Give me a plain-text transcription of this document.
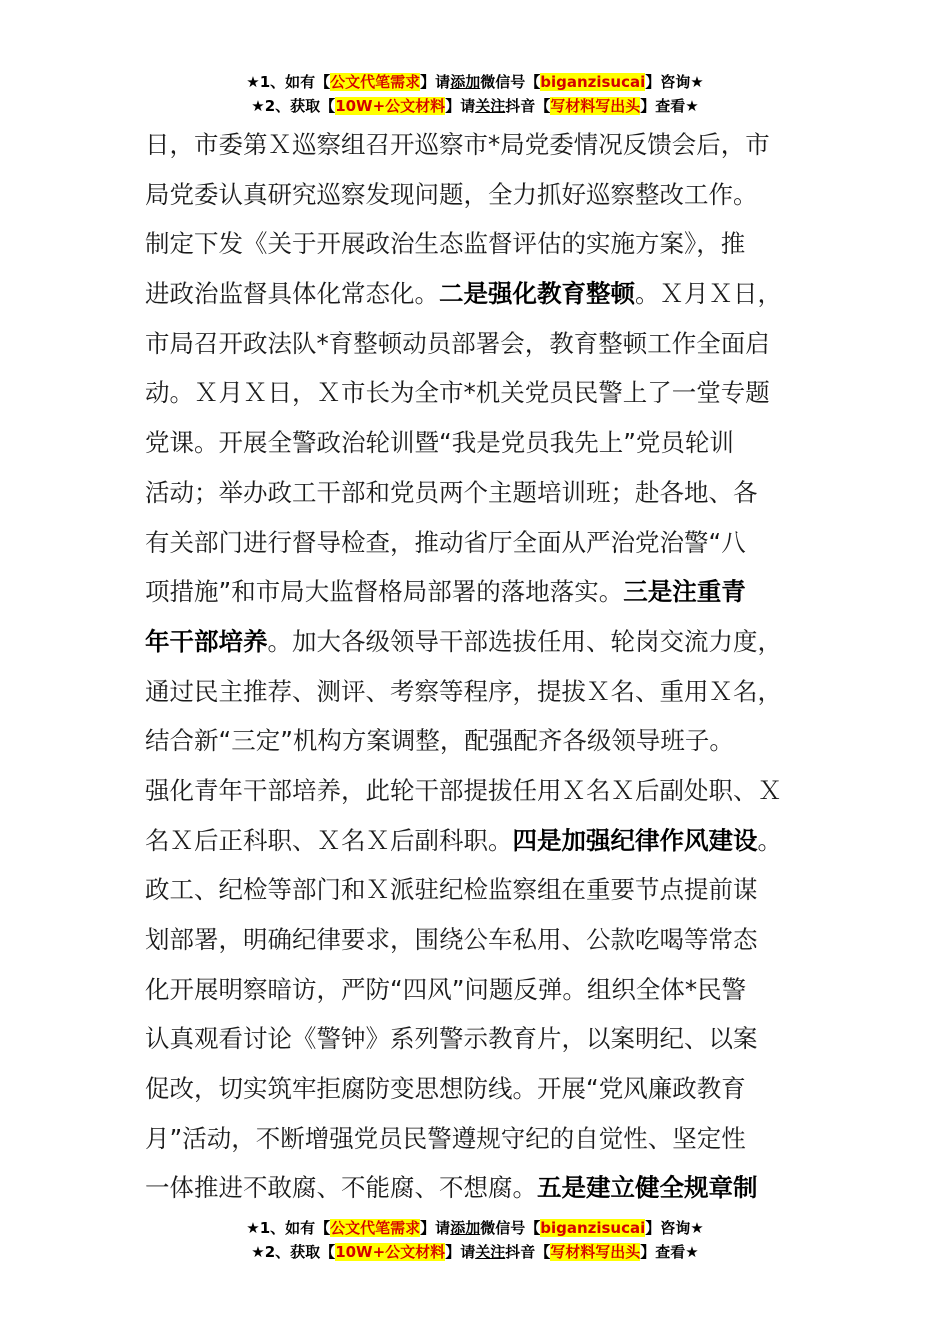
★1、如有【公文代笔需求】请添加微信号【biganzisucai】咨询★
★2、获取【10W+公文材料】请关注抖音【写材料写出头】查看★
日，市委第Ｘ巡察组召开巡察市*局党委情况反馈会后，市
局党委认真研究巡察发现问题，全力抓好巡察整改工作。
制定下发《关于开展政治生态监督评估的实施方案》，推
进政治监督具体化常态化。二是强化教育整顿。Ｘ月Ｘ日，
市局召开政法队*育整顿动员部署会，教育整顿工作全面启
动。Ｘ月Ｘ日，Ｘ市长为全市*机关党员民警上了一堂专题
党课。开展全警政治轮训暨“我是党员我先上”党员轮训
活动；举办政工干部和党员两个主题培训班；赴各地、各
有关部门进行督导检查，推动省厅全面从严治党治警“八
项措施”和市局大监督格局部署的落地落实。三是注重青
年干部培养。加大各级领导干部选拔任用、轮岗交流力度，
通过民主推荐、测评、考察等程序，提拔Ｘ名、重用Ｘ名，
结合新“三定”机构方案调整，配强配齐各级领导班子。
强化青年干部培养，此轮干部提拔任用Ｘ名Ｘ后副处职、Ｘ
名Ｘ后正科职、Ｘ名Ｘ后副科职。四是加强纪律作风建设。
政工、纪检等部门和Ｘ派驻纪检监察组在重要节点提前谋
划部署，明确纪律要求，围绕公车私用、公款吃喝等常态
化开展明察暗访，严防“四风”问题反弹。组织全体*民警
认真观看讨论《警钟》系列警示教育片，以案明纪、以案
促改，切实筑牢拒腐防变思想防线。开展“党风廉政教育
月”活动，不断增强党员民警遵规守纪的自觉性、坚定性
一体推进不敢腐、不能腐、不想腐。五是建立健全规章制
★1、如有【公文代笔需求】请添加微信号【biganzisucai】咨询★
★2、获取【10W+公文材料】请关注抖音【写材料写出头】查看★
